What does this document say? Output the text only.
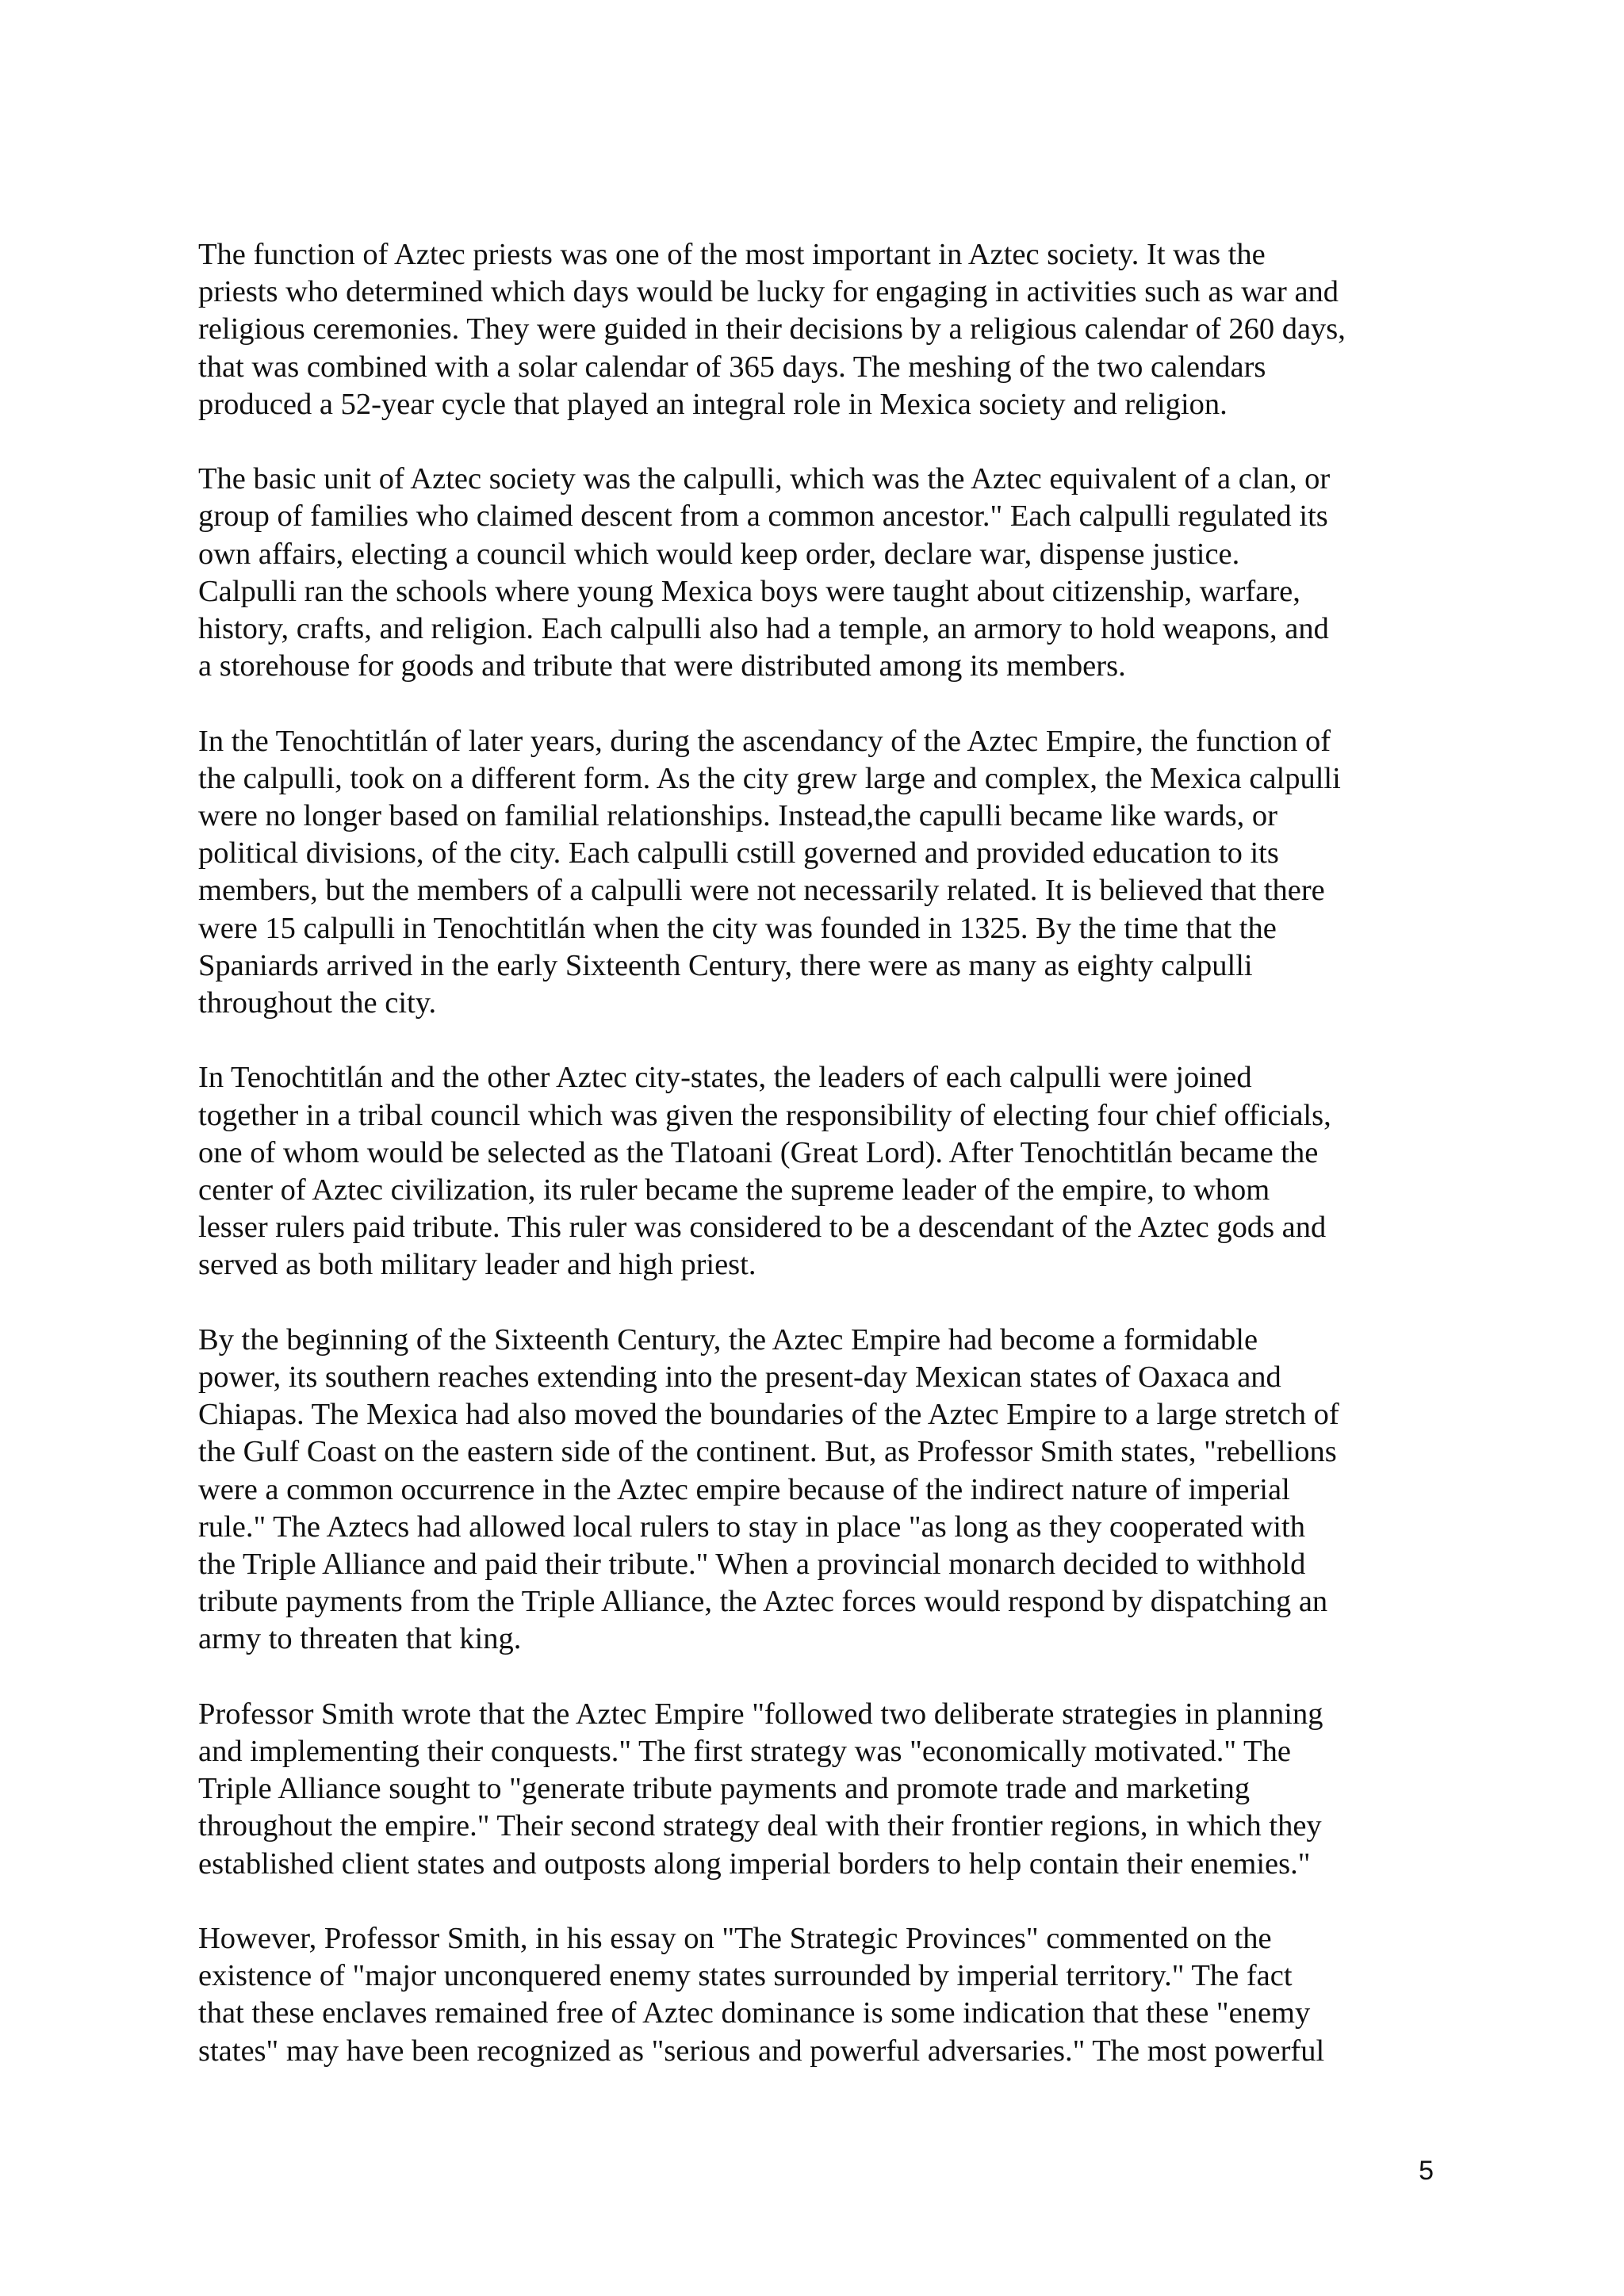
The function of Aztec priests was one of the most important in Aztec society. It was the
priests who determined which days would be lucky for engaging in activities such as war and
religious ceremonies. They were guided in their decisions by a religious calendar of 260 days,
that was combined with a solar calendar of 365 days. The meshing of the two calendars
produced a 52-year cycle that played an integral role in Mexica society and religion.

The basic unit of Aztec society was the calpulli, which was the Aztec equivalent of a clan, or
group of families who claimed descent from a common ancestor." Each calpulli regulated its
own affairs, electing a council which would keep order, declare war, dispense justice.
Calpulli ran the schools where young Mexica boys were taught about citizenship, warfare,
history, crafts, and religion. Each calpulli also had a temple, an armory to hold weapons, and
a storehouse for goods and tribute that were distributed among its members.

In the Tenochtitlán of later years, during the ascendancy of the Aztec Empire, the function of
the calpulli, took on a different form. As the city grew large and complex, the Mexica calpulli
were no longer based on familial relationships. Instead,the capulli became like wards, or
political divisions, of the city. Each calpulli cstill governed and provided education to its
members, but the members of a calpulli were not necessarily related. It is believed that there
were 15 calpulli in Tenochtitlán when the city was founded in 1325. By the time that the
Spaniards arrived in the early Sixteenth Century, there were as many as eighty calpulli
throughout the city.

In Tenochtitlán and the other Aztec city-states, the leaders of each calpulli were joined
together in a tribal council which was given the responsibility of electing four chief officials,
one of whom would be selected as the Tlatoani (Great Lord). After Tenochtitlán became the
center of Aztec civilization, its ruler became the supreme leader of the empire, to whom
lesser rulers paid tribute. This ruler was considered to be a descendant of the Aztec gods and
served as both military leader and high priest.

By the beginning of the Sixteenth Century, the Aztec Empire had become a formidable
power, its southern reaches extending into the present-day Mexican states of Oaxaca and
Chiapas. The Mexica had also moved the boundaries of the Aztec Empire to a large stretch of
the Gulf Coast on the eastern side of the continent. But, as Professor Smith states, "rebellions
were a common occurrence in the Aztec empire because of the indirect nature of imperial
rule." The Aztecs had allowed local rulers to stay in place "as long as they cooperated with
the Triple Alliance and paid their tribute." When a provincial monarch decided to withhold
tribute payments from the Triple Alliance, the Aztec forces would respond by dispatching an
army to threaten that king.

Professor Smith wrote that the Aztec Empire "followed two deliberate strategies in planning
and implementing their conquests." The first strategy was "economically motivated." The
Triple Alliance sought to "generate tribute payments and promote trade and marketing
throughout the empire." Their second strategy deal with their frontier regions, in which they
established client states and outposts along imperial borders to help contain their enemies."

However, Professor Smith, in his essay on "The Strategic Provinces" commented on the
existence of "major unconquered enemy states surrounded by imperial territory." The fact
that these enclaves remained free of Aztec dominance is some indication that these "enemy
states" may have been recognized as "serious and powerful adversaries." The most powerful

5
